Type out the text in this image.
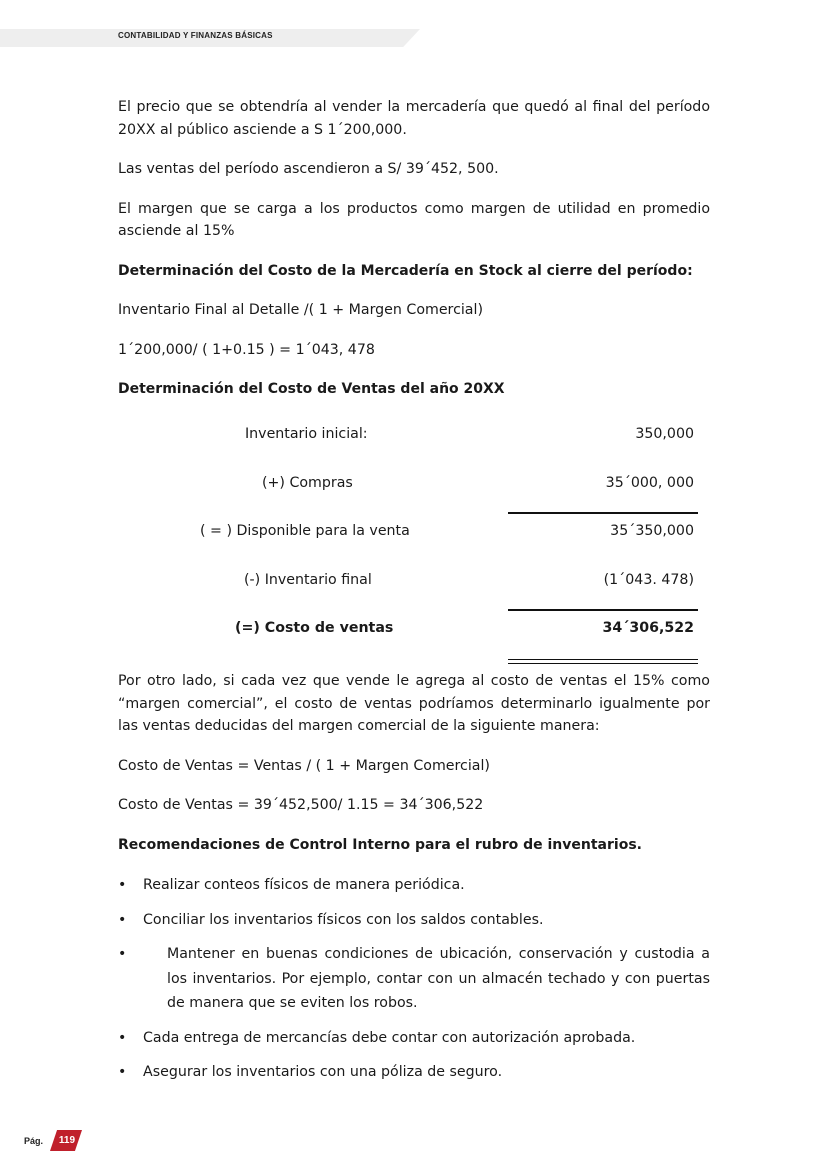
CONTABILIDAD Y FINANZAS BÁSICAS

El precio que se obtendría al vender la mercadería que quedó al final del período 20XX al público asciende a S 1´200,000.

Las ventas del período ascendieron a S/ 39´452, 500.

El margen que se carga a los productos como margen de utilidad en promedio asciende al 15%

Determinación del Costo de la Mercadería en Stock al cierre del período:

Inventario Final al Detalle /( 1 + Margen Comercial)

1´200,000/ ( 1+0.15 ) = 1´043, 478

Determinación del Costo de Ventas del año 20XX
Inventario inicial:	350,000
(+) Compras	35´000, 000
( = ) Disponible para la venta	35´350,000
(-) Inventario final	(1´043. 478)
(=) Costo de ventas	34´306,522

Por otro lado, si cada vez que vende le agrega al costo de ventas el 15% como “margen comercial”, el costo de ventas podríamos determinarlo igualmente por las ventas deducidas del margen comercial de la siguiente manera:

Costo de Ventas = Ventas / ( 1 + Margen Comercial)

Costo de Ventas = 39´452,500/ 1.15 = 34´306,522

Recomendaciones de Control Interno para el rubro de inventarios.
• Realizar conteos físicos de manera periódica.
• Conciliar los inventarios físicos con los saldos contables.
•	Mantener en buenas condiciones de ubicación, conservación y custodia a los inventarios. Por ejemplo, contar con un almacén techado y con puertas de manera que se eviten los robos.
• Cada entrega de mercancías debe contar con autorización aprobada.
• Asegurar los inventarios con una póliza de seguro.
Pág. 119
